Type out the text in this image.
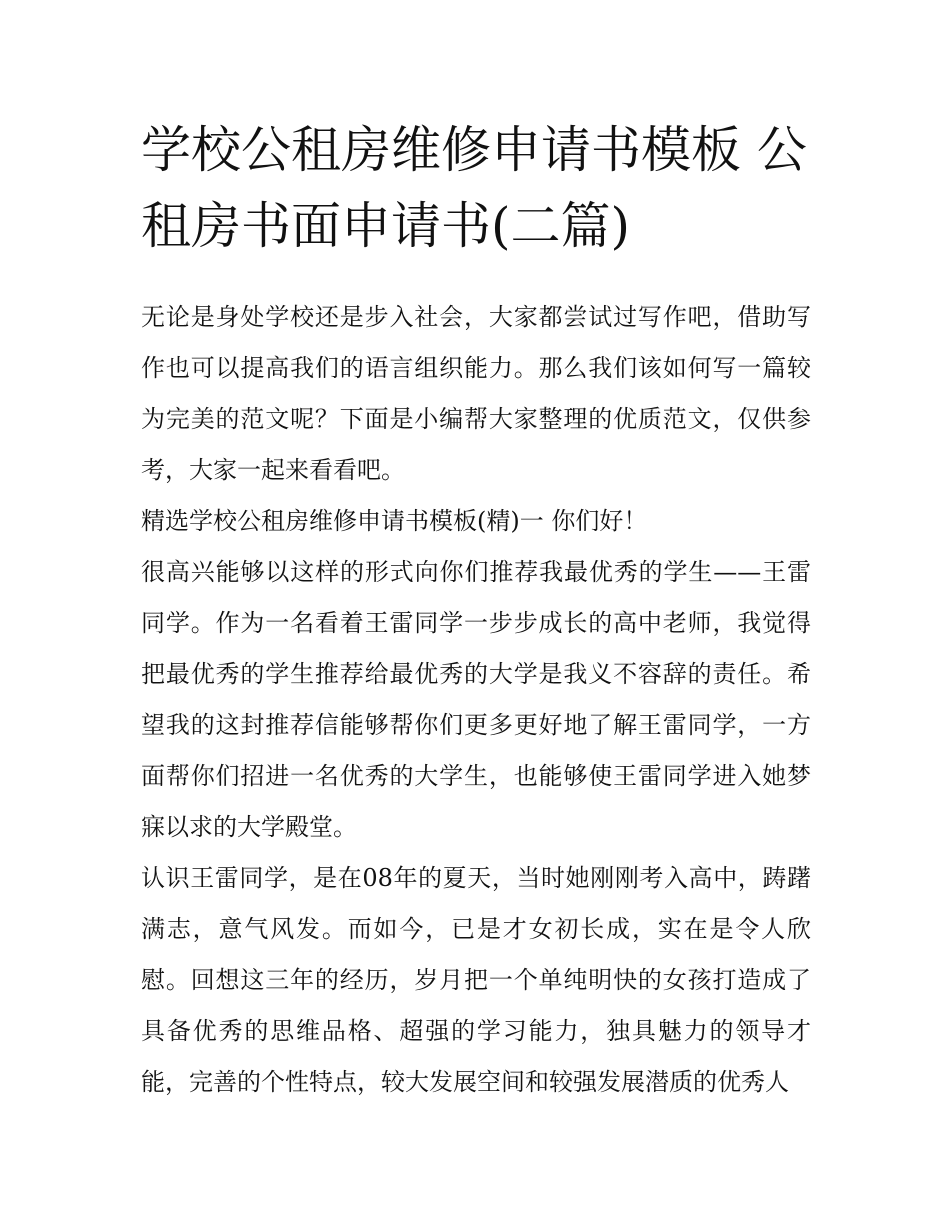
学校公租房维修申请书模板 公租房书面申请书(二篇)

无论是身处学校还是步入社会，大家都尝试过写作吧，借助写作也可以提高我们的语言组织能力。那么我们该如何写一篇较为完美的范文呢？下面是小编帮大家整理的优质范文，仅供参考，大家一起来看看吧。

精选学校公租房维修申请书模板(精)一 你们好！

很高兴能够以这样的形式向你们推荐我最优秀的学生——王雷同学。作为一名看着王雷同学一步步成长的高中老师，我觉得把最优秀的学生推荐给最优秀的大学是我义不容辞的责任。希望我的这封推荐信能够帮你们更多更好地了解王雷同学，一方面帮你们招进一名优秀的大学生，也能够使王雷同学进入她梦寐以求的大学殿堂。

认识王雷同学，是在08年的夏天，当时她刚刚考入高中，踌躇满志，意气风发。而如今，已是才女初长成，实在是令人欣慰。回想这三年的经历，岁月把一个单纯明快的女孩打造成了具备优秀的思维品格、超强的学习能力，独具魅力的领导才能，完善的个性特点，较大发展空间和较强发展潜质的优秀人
